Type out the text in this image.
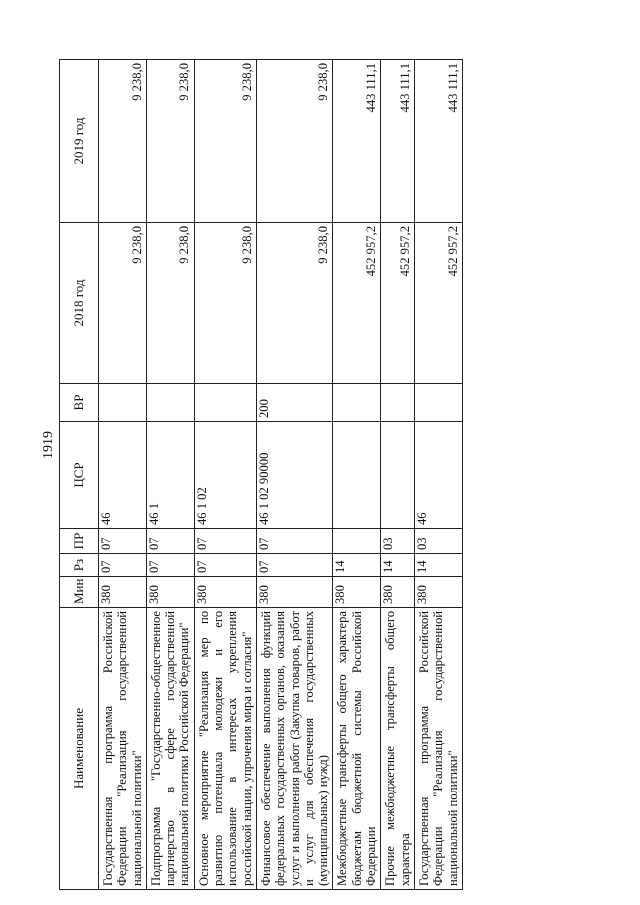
1919
Наименование	Мин	Рз	ПР	ЦСР	ВР	2018 год	2019 год
Государственная программа Российской Федерации "Реализация государственной национальной политики"	380	07	07	46		9 238,0	9 238,0
Подпрограмма "Государственно-общественное партнерство в сфере государственной национальной политики Российской Федерации"	380	07	07	46 1		9 238,0	9 238,0
Основное мероприятие "Реализация мер по развитию потенциала молодежи и его использование в интересах укрепления российской нации, упрочения мира и согласия"	380	07	07	46 1 02		9 238,0	9 238,0
Финансовое обеспечение выполнения функций федеральных государственных органов, оказания услуг и выполнения работ (Закупка товаров, работ и услуг для обеспечения государственных (муниципальных) нужд)	380	07	07	46 1 02 90000	200	9 238,0	9 238,0
Межбюджетные трансферты общего характера бюджетам бюджетной системы Российской Федерации	380	14				452 957,2	443 111,1
Прочие межбюджетные трансферты общего характера	380	14	03			452 957,2	443 111,1
Государственная программа Российской Федерации "Реализация государственной национальной политики"	380	14	03	46		452 957,2	443 111,1
